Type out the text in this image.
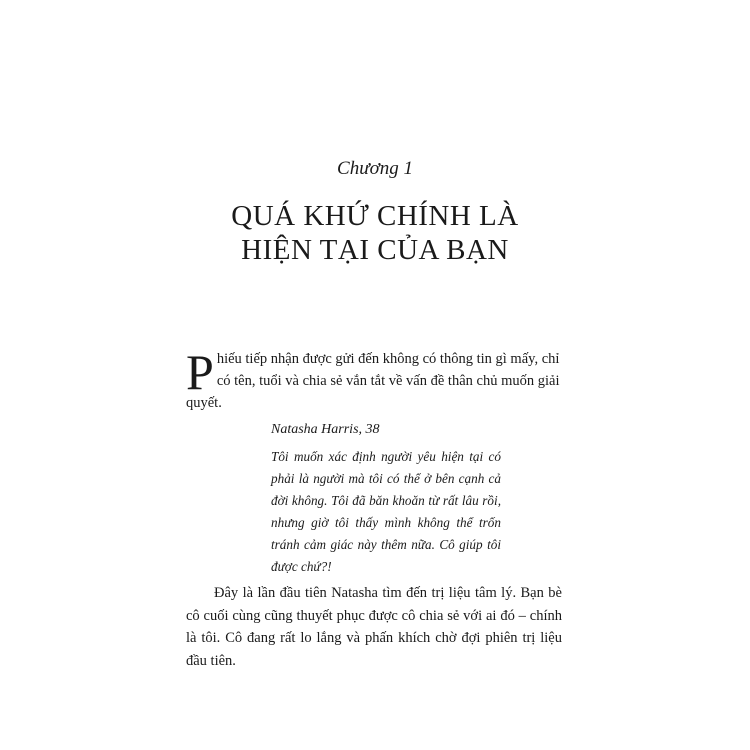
Chương 1
QUÁ KHỨ CHÍNH LÀ
HIỆN TẠI CỦA BẠN
Phiếu tiếp nhận được gửi đến không có thông tin gì mấy, chỉ có tên, tuổi và chia sẻ vắn tắt về vấn đề thân chủ muốn giải quyết.
Natasha Harris, 38
Tôi muốn xác định người yêu hiện tại có phải là người mà tôi có thể ở bên cạnh cả đời không. Tôi đã băn khoăn từ rất lâu rồi, nhưng giờ tôi thấy mình không thể trốn tránh cảm giác này thêm nữa. Cô giúp tôi được chứ?!
Đây là lần đầu tiên Natasha tìm đến trị liệu tâm lý. Bạn bè cô cuối cùng cũng thuyết phục được cô chia sẻ với ai đó – chính là tôi. Cô đang rất lo lắng và phấn khích chờ đợi phiên trị liệu đầu tiên.
